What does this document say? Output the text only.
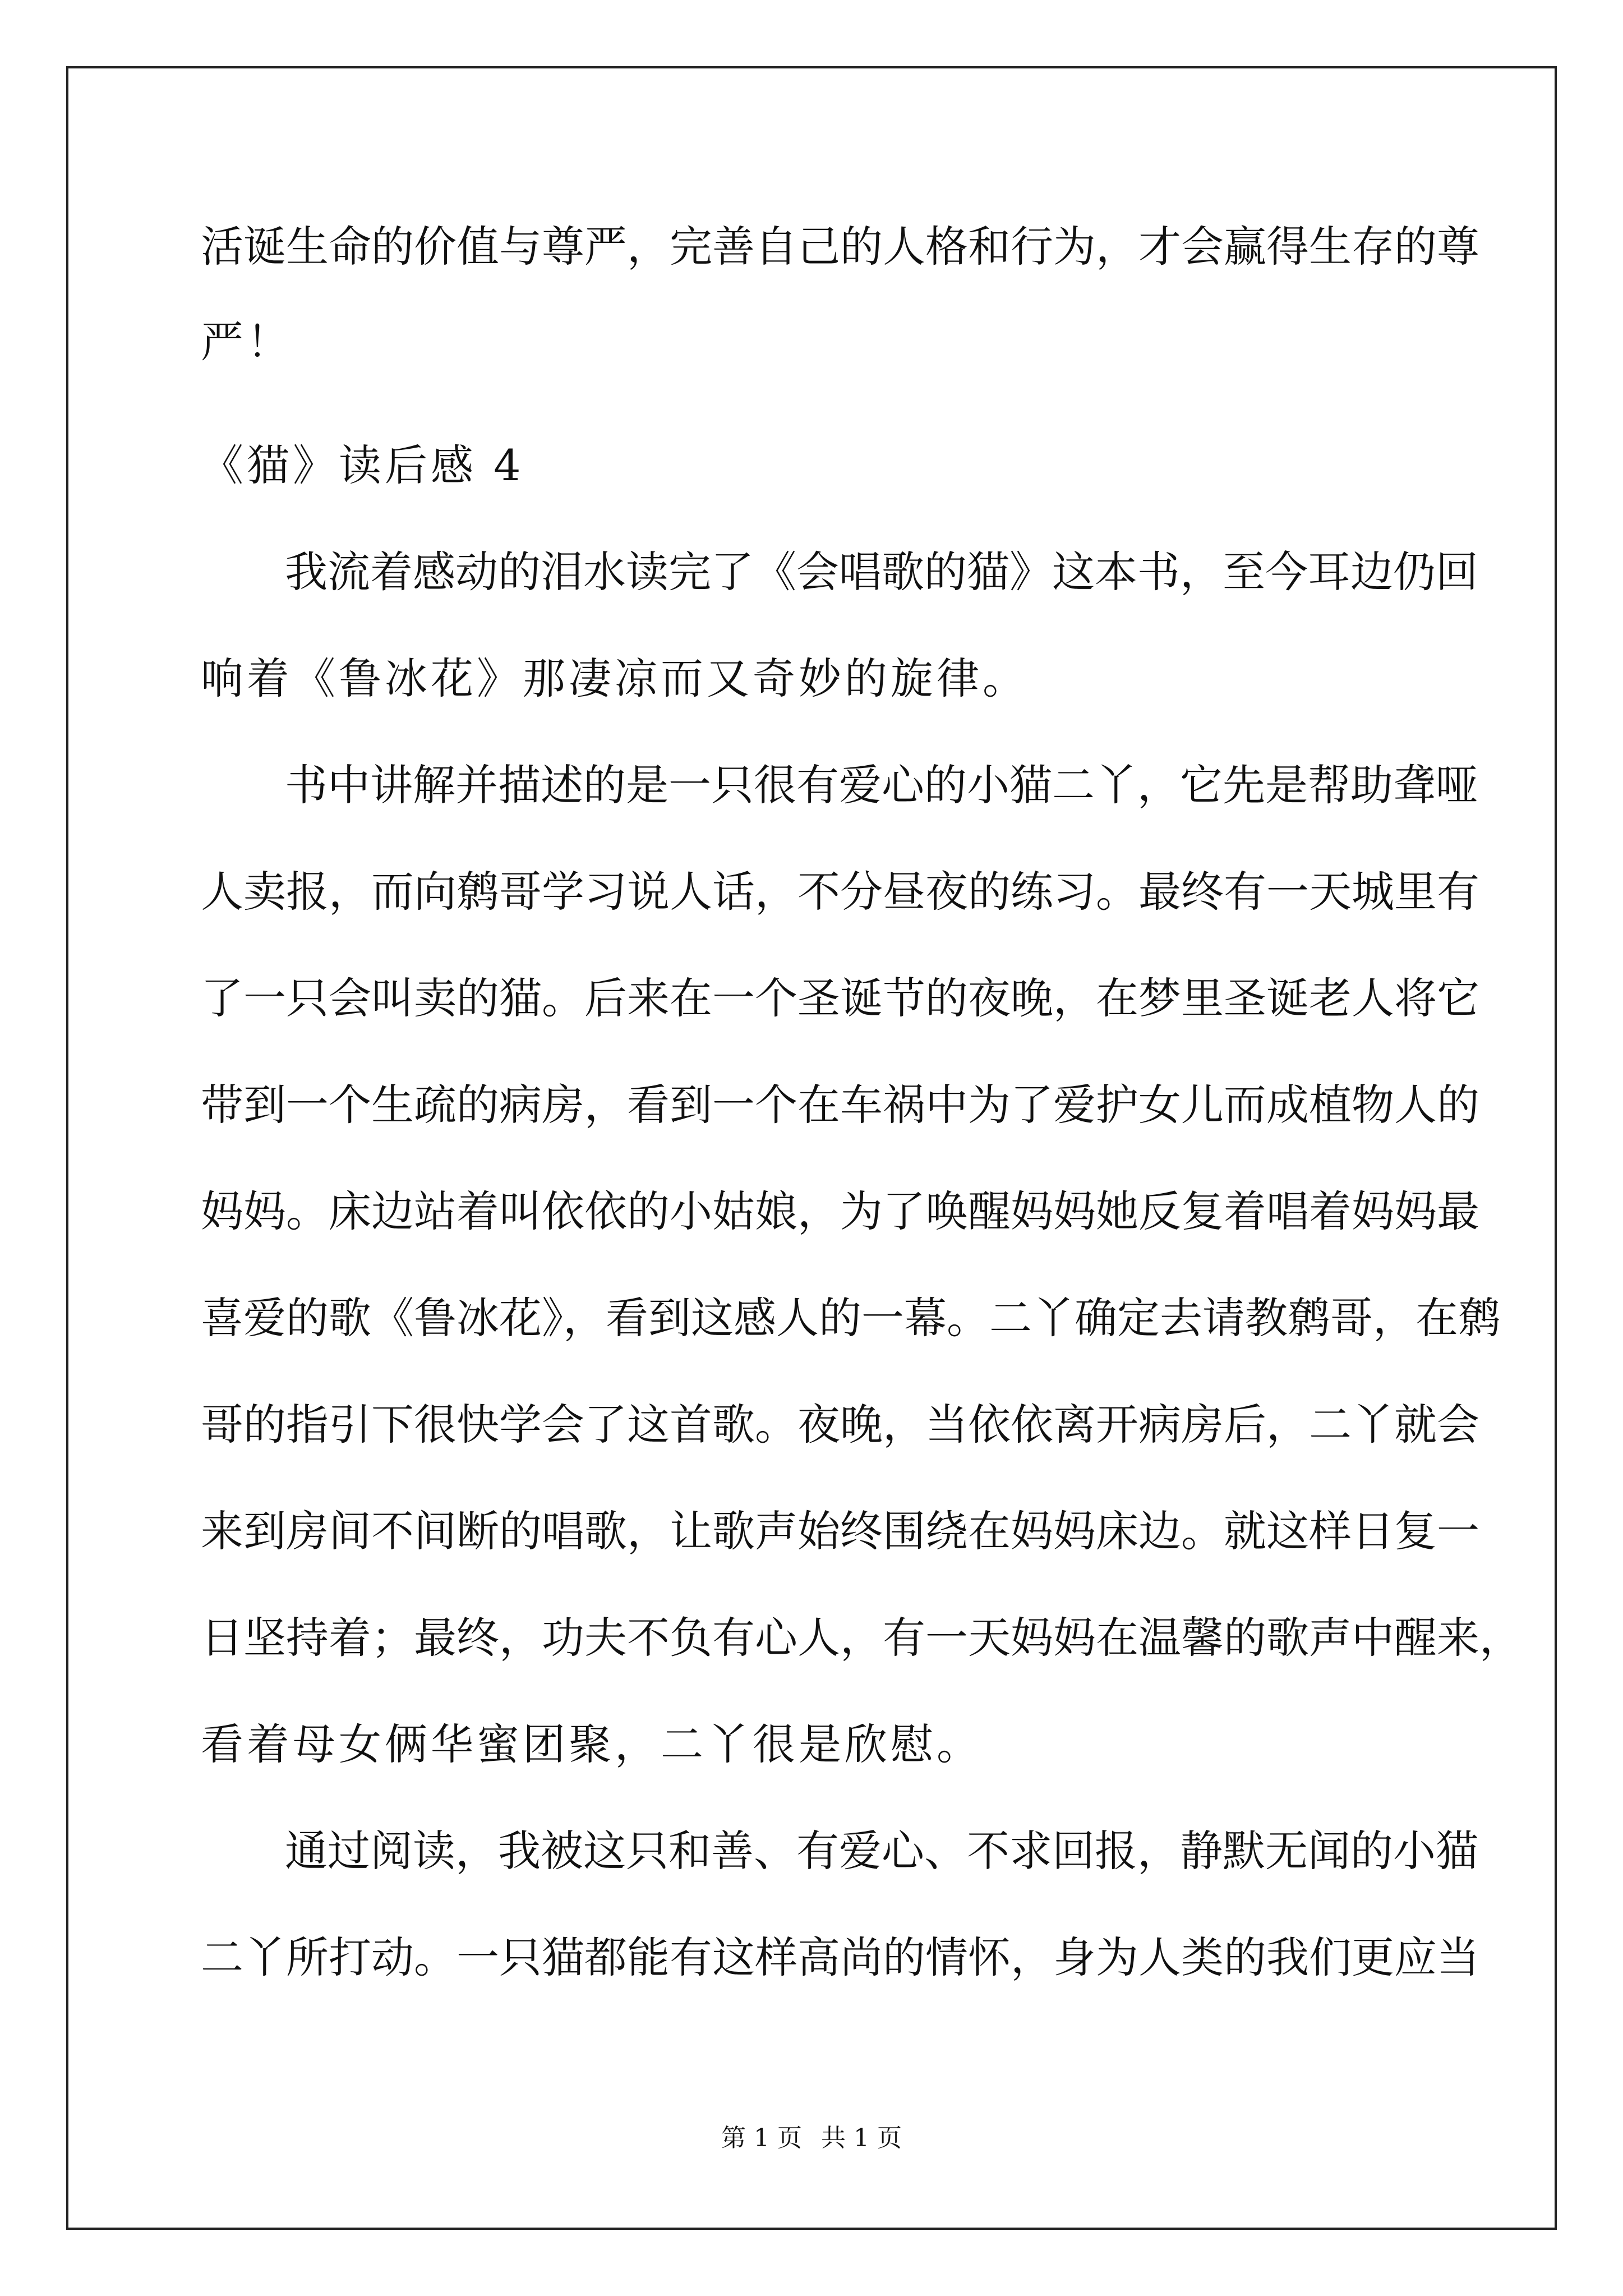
活诞生命的价值与尊严，完善自己的人格和行为，才会赢得生存的尊
严！
《猫》读后感 4
我流着感动的泪水读完了《会唱歌的猫》这本书，至今耳边仍回
响着《鲁冰花》那凄凉而又奇妙的旋律。
书中讲解并描述的是一只很有爱心的小猫二丫，它先是帮助聋哑
人卖报，而向鹩哥学习说人话，不分昼夜的练习。最终有一天城里有
了一只会叫卖的猫。后来在一个圣诞节的夜晚，在梦里圣诞老人将它
带到一个生疏的病房，看到一个在车祸中为了爱护女儿而成植物人的
妈妈。床边站着叫依依的小姑娘，为了唤醒妈妈她反复着唱着妈妈最
喜爱的歌《鲁冰花》，看到这感人的一幕。二丫确定去请教鹩哥，在鹩
哥的指引下很快学会了这首歌。夜晚，当依依离开病房后，二丫就会
来到房间不间断的唱歌，让歌声始终围绕在妈妈床边。就这样日复一
日坚持着；最终，功夫不负有心人，有一天妈妈在温馨的歌声中醒来，
看着母女俩华蜜团聚，二丫很是欣慰。
通过阅读，我被这只和善、有爱心、不求回报，静默无闻的小猫
二丫所打动。一只猫都能有这样高尚的情怀，身为人类的我们更应当
第 1 页 共 1 页
